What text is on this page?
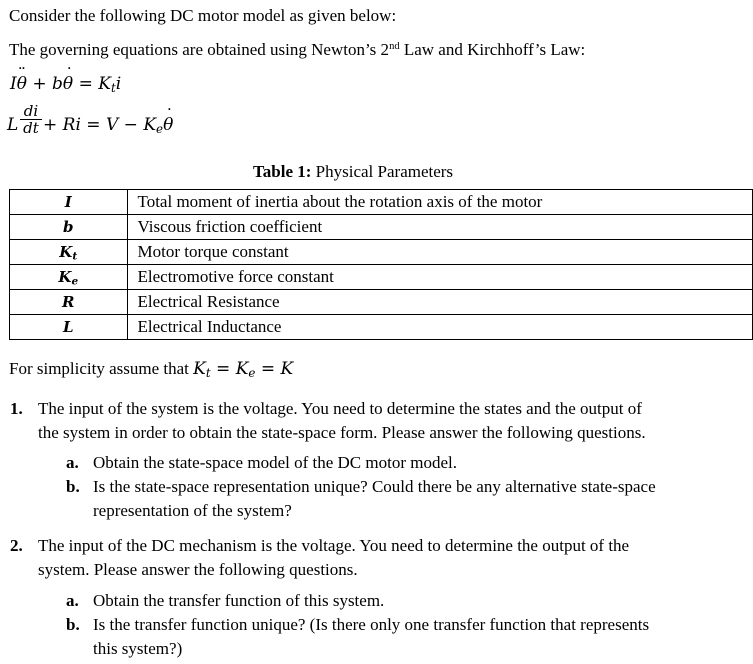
Consider the following DC motor model as given below:
The governing equations are obtained using Newton’s 2nd Law and Kirchhoff’s Law:
Iθ ¨ + bθ ˙ = $K_ti$
L $\frac{di}{dt} + Ri = V - K_e\theta$ ˙
Table 1: Physical Parameters
I	Total moment of inertia about the rotation axis of the motor
b	Viscous friction coefficient
$K_t$	Motor torque constant
$K_e$	Electromotive force constant
R	Electrical Resistance
L	Electrical Inductance
For simplicity assume that $K_t = K_e = K$
1. The input of the system is the voltage. You need to determine the states and the output of
the system in order to obtain the state-space form. Please answer the following questions.
a. Obtain the state-space model of the DC motor model.
b. Is the state-space representation unique? Could there be any alternative state-space
representation of the system?
2. The input of the DC mechanism is the voltage. You need to determine the output of the
system. Please answer the following questions.
a. Obtain the transfer function of this system.
b. Is the transfer function unique? (Is there only one transfer function that represents
this system?)
